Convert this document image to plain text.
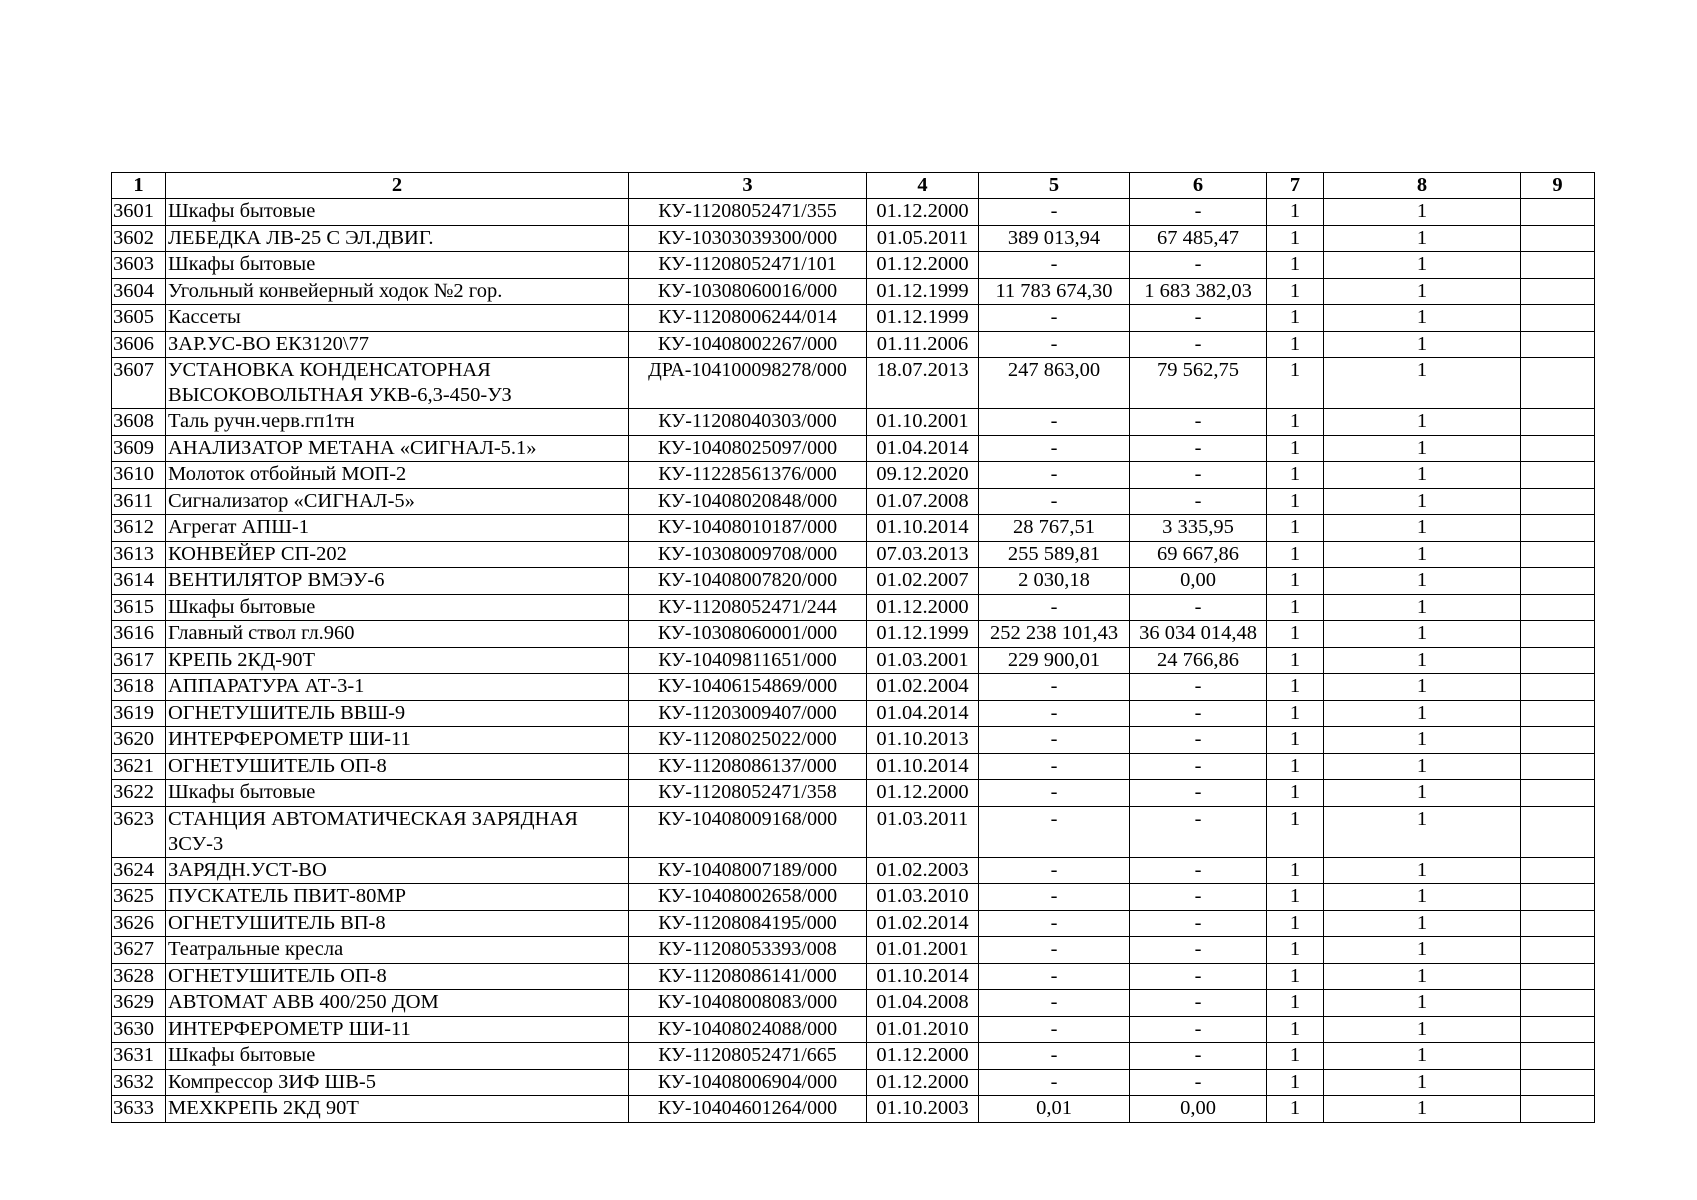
1	2	3	4	5	6	7	8	9
3601	Шкафы бытовые	КУ-11208052471/355	01.12.2000	-	-	1	1	
3602	ЛЕБЕДКА ЛВ-25 С ЭЛ.ДВИГ.	КУ-10303039300/000	01.05.2011	389 013,94	67 485,47	1	1	
3603	Шкафы бытовые	КУ-11208052471/101	01.12.2000	-	-	1	1	
3604	Угольный конвейерный ходок №2 гор.	КУ-10308060016/000	01.12.1999	11 783 674,30	1 683 382,03	1	1	
3605	Кассеты	КУ-11208006244/014	01.12.1999	-	-	1	1	
3606	ЗАР.УС-ВО ЕК3120\77	КУ-10408002267/000	01.11.2006	-	-	1	1	
3607	УСТАНОВКА КОНДЕНСАТОРНАЯ ВЫСОКОВОЛЬТНАЯ УКВ-6,3-450-УЗ	ДРА-104100098278/000	18.07.2013	247 863,00	79 562,75	1	1	
3608	Таль ручн.черв.гп1тн	КУ-11208040303/000	01.10.2001	-	-	1	1	
3609	АНАЛИЗАТОР МЕТАНА «СИГНАЛ-5.1»	КУ-10408025097/000	01.04.2014	-	-	1	1	
3610	Молоток отбойный МОП-2	КУ-11228561376/000	09.12.2020	-	-	1	1	
3611	Сигнализатор «СИГНАЛ-5»	КУ-10408020848/000	01.07.2008	-	-	1	1	
3612	Агрегат АПШ-1	КУ-10408010187/000	01.10.2014	28 767,51	3 335,95	1	1	
3613	КОНВЕЙЕР СП-202	КУ-10308009708/000	07.03.2013	255 589,81	69 667,86	1	1	
3614	ВЕНТИЛЯТОР ВМЭУ-6	КУ-10408007820/000	01.02.2007	2 030,18	0,00	1	1	
3615	Шкафы бытовые	КУ-11208052471/244	01.12.2000	-	-	1	1	
3616	Главный ствол гл.960	КУ-10308060001/000	01.12.1999	252 238 101,43	36 034 014,48	1	1	
3617	КРЕПЬ 2КД-90Т	КУ-10409811651/000	01.03.2001	229 900,01	24 766,86	1	1	
3618	АППАРАТУРА АТ-3-1	КУ-10406154869/000	01.02.2004	-	-	1	1	
3619	ОГНЕТУШИТЕЛЬ ВВШ-9	КУ-11203009407/000	01.04.2014	-	-	1	1	
3620	ИНТЕРФЕРОМЕТР ШИ-11	КУ-11208025022/000	01.10.2013	-	-	1	1	
3621	ОГНЕТУШИТЕЛЬ ОП-8	КУ-11208086137/000	01.10.2014	-	-	1	1	
3622	Шкафы бытовые	КУ-11208052471/358	01.12.2000	-	-	1	1	
3623	СТАНЦИЯ АВТОМАТИЧЕСКАЯ ЗАРЯДНАЯ ЗСУ-3	КУ-10408009168/000	01.03.2011	-	-	1	1	
3624	ЗАРЯДН.УСТ-ВО	КУ-10408007189/000	01.02.2003	-	-	1	1	
3625	ПУСКАТЕЛЬ ПВИТ-80МР	КУ-10408002658/000	01.03.2010	-	-	1	1	
3626	ОГНЕТУШИТЕЛЬ ВП-8	КУ-11208084195/000	01.02.2014	-	-	1	1	
3627	Театральные кресла	КУ-11208053393/008	01.01.2001	-	-	1	1	
3628	ОГНЕТУШИТЕЛЬ ОП-8	КУ-11208086141/000	01.10.2014	-	-	1	1	
3629	АВТОМАТ АВВ 400/250 ДОМ	КУ-10408008083/000	01.04.2008	-	-	1	1	
3630	ИНТЕРФЕРОМЕТР ШИ-11	КУ-10408024088/000	01.01.2010	-	-	1	1	
3631	Шкафы бытовые	КУ-11208052471/665	01.12.2000	-	-	1	1	
3632	Компрессор ЗИФ ШВ-5	КУ-10408006904/000	01.12.2000	-	-	1	1	
3633	МЕХКРЕПЬ 2КД 90Т	КУ-10404601264/000	01.10.2003	0,01	0,00	1	1	
